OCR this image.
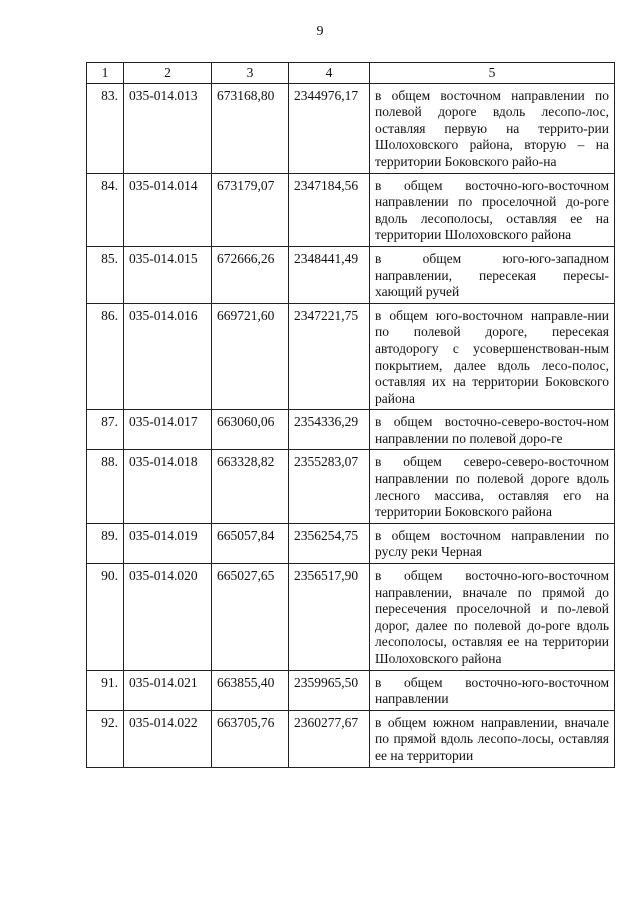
9
1	2	3	4	5
83.	035-014.013	673168,80	2344976,17	в общем восточном направлении по полевой дороге вдоль лесопо-лос, оставляя первую на террито-рии Шолоховского района, вторую – на территории Боковского райо-на
84.	035-014.014	673179,07	2347184,56	в общем восточно-юго-восточном направлении по проселочной до-роге вдоль лесополосы, оставляя ее на территории Шолоховского района
85.	035-014.015	672666,26	2348441,49	в общем юго-юго-западном направлении, пересекая пересы-хающий ручей
86.	035-014.016	669721,60	2347221,75	в общем юго-восточном направле-нии по полевой дороге, пересекая автодорогу с усовершенствован-ным покрытием, далее вдоль лесо-полос, оставляя их на территории Боковского района
87.	035-014.017	663060,06	2354336,29	в общем восточно-северо-восточ-ном направлении по полевой доро-ге
88.	035-014.018	663328,82	2355283,07	в общем северо-северо-восточном направлении по полевой дороге вдоль лесного массива, оставляя его на территории Боковского района
89.	035-014.019	665057,84	2356254,75	в общем восточном направлении по руслу реки Черная
90.	035-014.020	665027,65	2356517,90	в общем восточно-юго-восточном направлении, вначале по прямой до пересечения проселочной и по-левой дорог, далее по полевой до-роге вдоль лесополосы, оставляя ее на территории Шолоховского района
91.	035-014.021	663855,40	2359965,50	в общем восточно-юго-восточном направлении
92.	035-014.022	663705,76	2360277,67	в общем южном направлении, вначале по прямой вдоль лесопо-лосы, оставляя ее на территории
